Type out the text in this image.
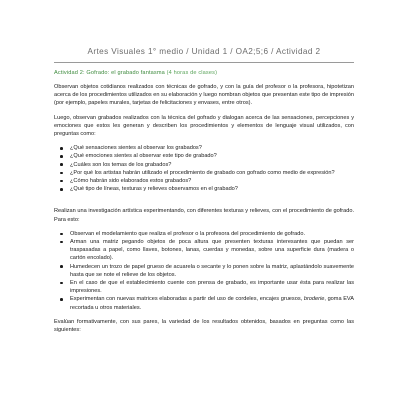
Artes Visuales 1° medio / Unidad 1 / OA2;5;6 / Actividad 2
Actividad 2: Gofrado: el grabado fantasma (4 horas de clases)

Observan objetos cotidianos realizados con técnicas de gofrado, y con la guía del profesor o la profesora, hipotetizan acerca de los procedimientos utilizados en su elaboración y luego nombran objetos que presentan este tipo de impresión (por ejemplo, papeles murales, tarjetas de felicitaciones y envases, entre otros).

Luego, observan grabados realizados con la técnica del gofrado y dialogan acerca de las sensaciones, percepciones y emociones que estos les generan y describen los procedimientos y elementos de lenguaje visual utilizados, con preguntas como:

¿Qué sensaciones sientes al observar los grabados?
¿Qué emociones sientes al observar este tipo de grabado?
¿Cuáles son los temas de los grabados?
¿Por qué los artistas habrán utilizado el procedimiento de grabado con gofrado como medio de expresión?
¿Cómo habrán sido elaborados estos grabados?
¿Qué tipo de líneas, texturas y relieves observamos en el grabado?

Realizan una investigación artística experimentando, con diferentes texturas y relieves, con el procedimiento de gofrado. Para esto:

Observan el modelamiento que realiza el profesor o la profesora del procedimiento de gofrado.
Arman una matriz pegando objetos de poca altura que presenten texturas interesantes que puedan ser traspasadas a papel, como llaves, botones, lanas, cuerdas y monedas, sobre una superficie dura (madera o cartón encolado).
Humedecen un trozo de papel grueso de acuarela o secante y lo ponen sobre la matriz, aplastándolo suavemente hasta que se note el relieve de los objetos.
En el caso de que el establecimiento cuente con prensa de grabado, es importante usar ésta para realizar las impresiones.
Experimentan con nuevas matrices elaboradas a partir del uso de cordeles, encajes gruesos, broderie, goma EVA recortada u otros materiales.

Evalúan formativamente, con sus pares, la variedad de los resultados obtenidos, basados en preguntas como las siguientes:
